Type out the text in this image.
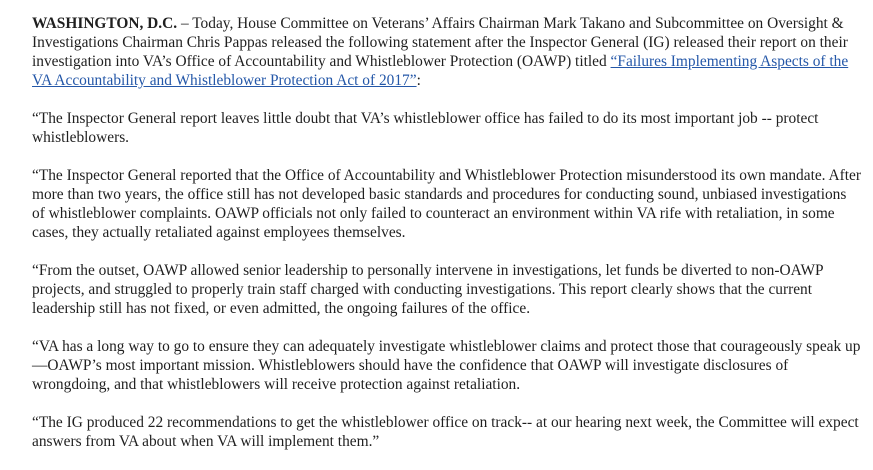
WASHINGTON, D.C. – Today, House Committee on Veterans’ Affairs Chairman Mark Takano and Subcommittee on Oversight & Investigations Chairman Chris Pappas released the following statement after the Inspector General (IG) released their report on their investigation into VA’s Office of Accountability and Whistleblower Protection (OAWP) titled “Failures Implementing Aspects of the VA Accountability and Whistleblower Protection Act of 2017”:

“The Inspector General report leaves little doubt that VA’s whistleblower office has failed to do its most important job -- protect whistleblowers.

“The Inspector General reported that the Office of Accountability and Whistleblower Protection misunderstood its own mandate. After more than two years, the office still has not developed basic standards and procedures for conducting sound, unbiased investigations of whistleblower complaints. OAWP officials not only failed to counteract an environment within VA rife with retaliation, in some cases, they actually retaliated against employees themselves.

“From the outset, OAWP allowed senior leadership to personally intervene in investigations, let funds be diverted to non-OAWP projects, and struggled to properly train staff charged with conducting investigations. This report clearly shows that the current leadership still has not fixed, or even admitted, the ongoing failures of the office.

“VA has a long way to go to ensure they can adequately investigate whistleblower claims and protect those that courageously speak up—OAWP’s most important mission. Whistleblowers should have the confidence that OAWP will investigate disclosures of wrongdoing, and that whistleblowers will receive protection against retaliation.

“The IG produced 22 recommendations to get the whistleblower office on track-- at our hearing next week, the Committee will expect answers from VA about when VA will implement them.”
